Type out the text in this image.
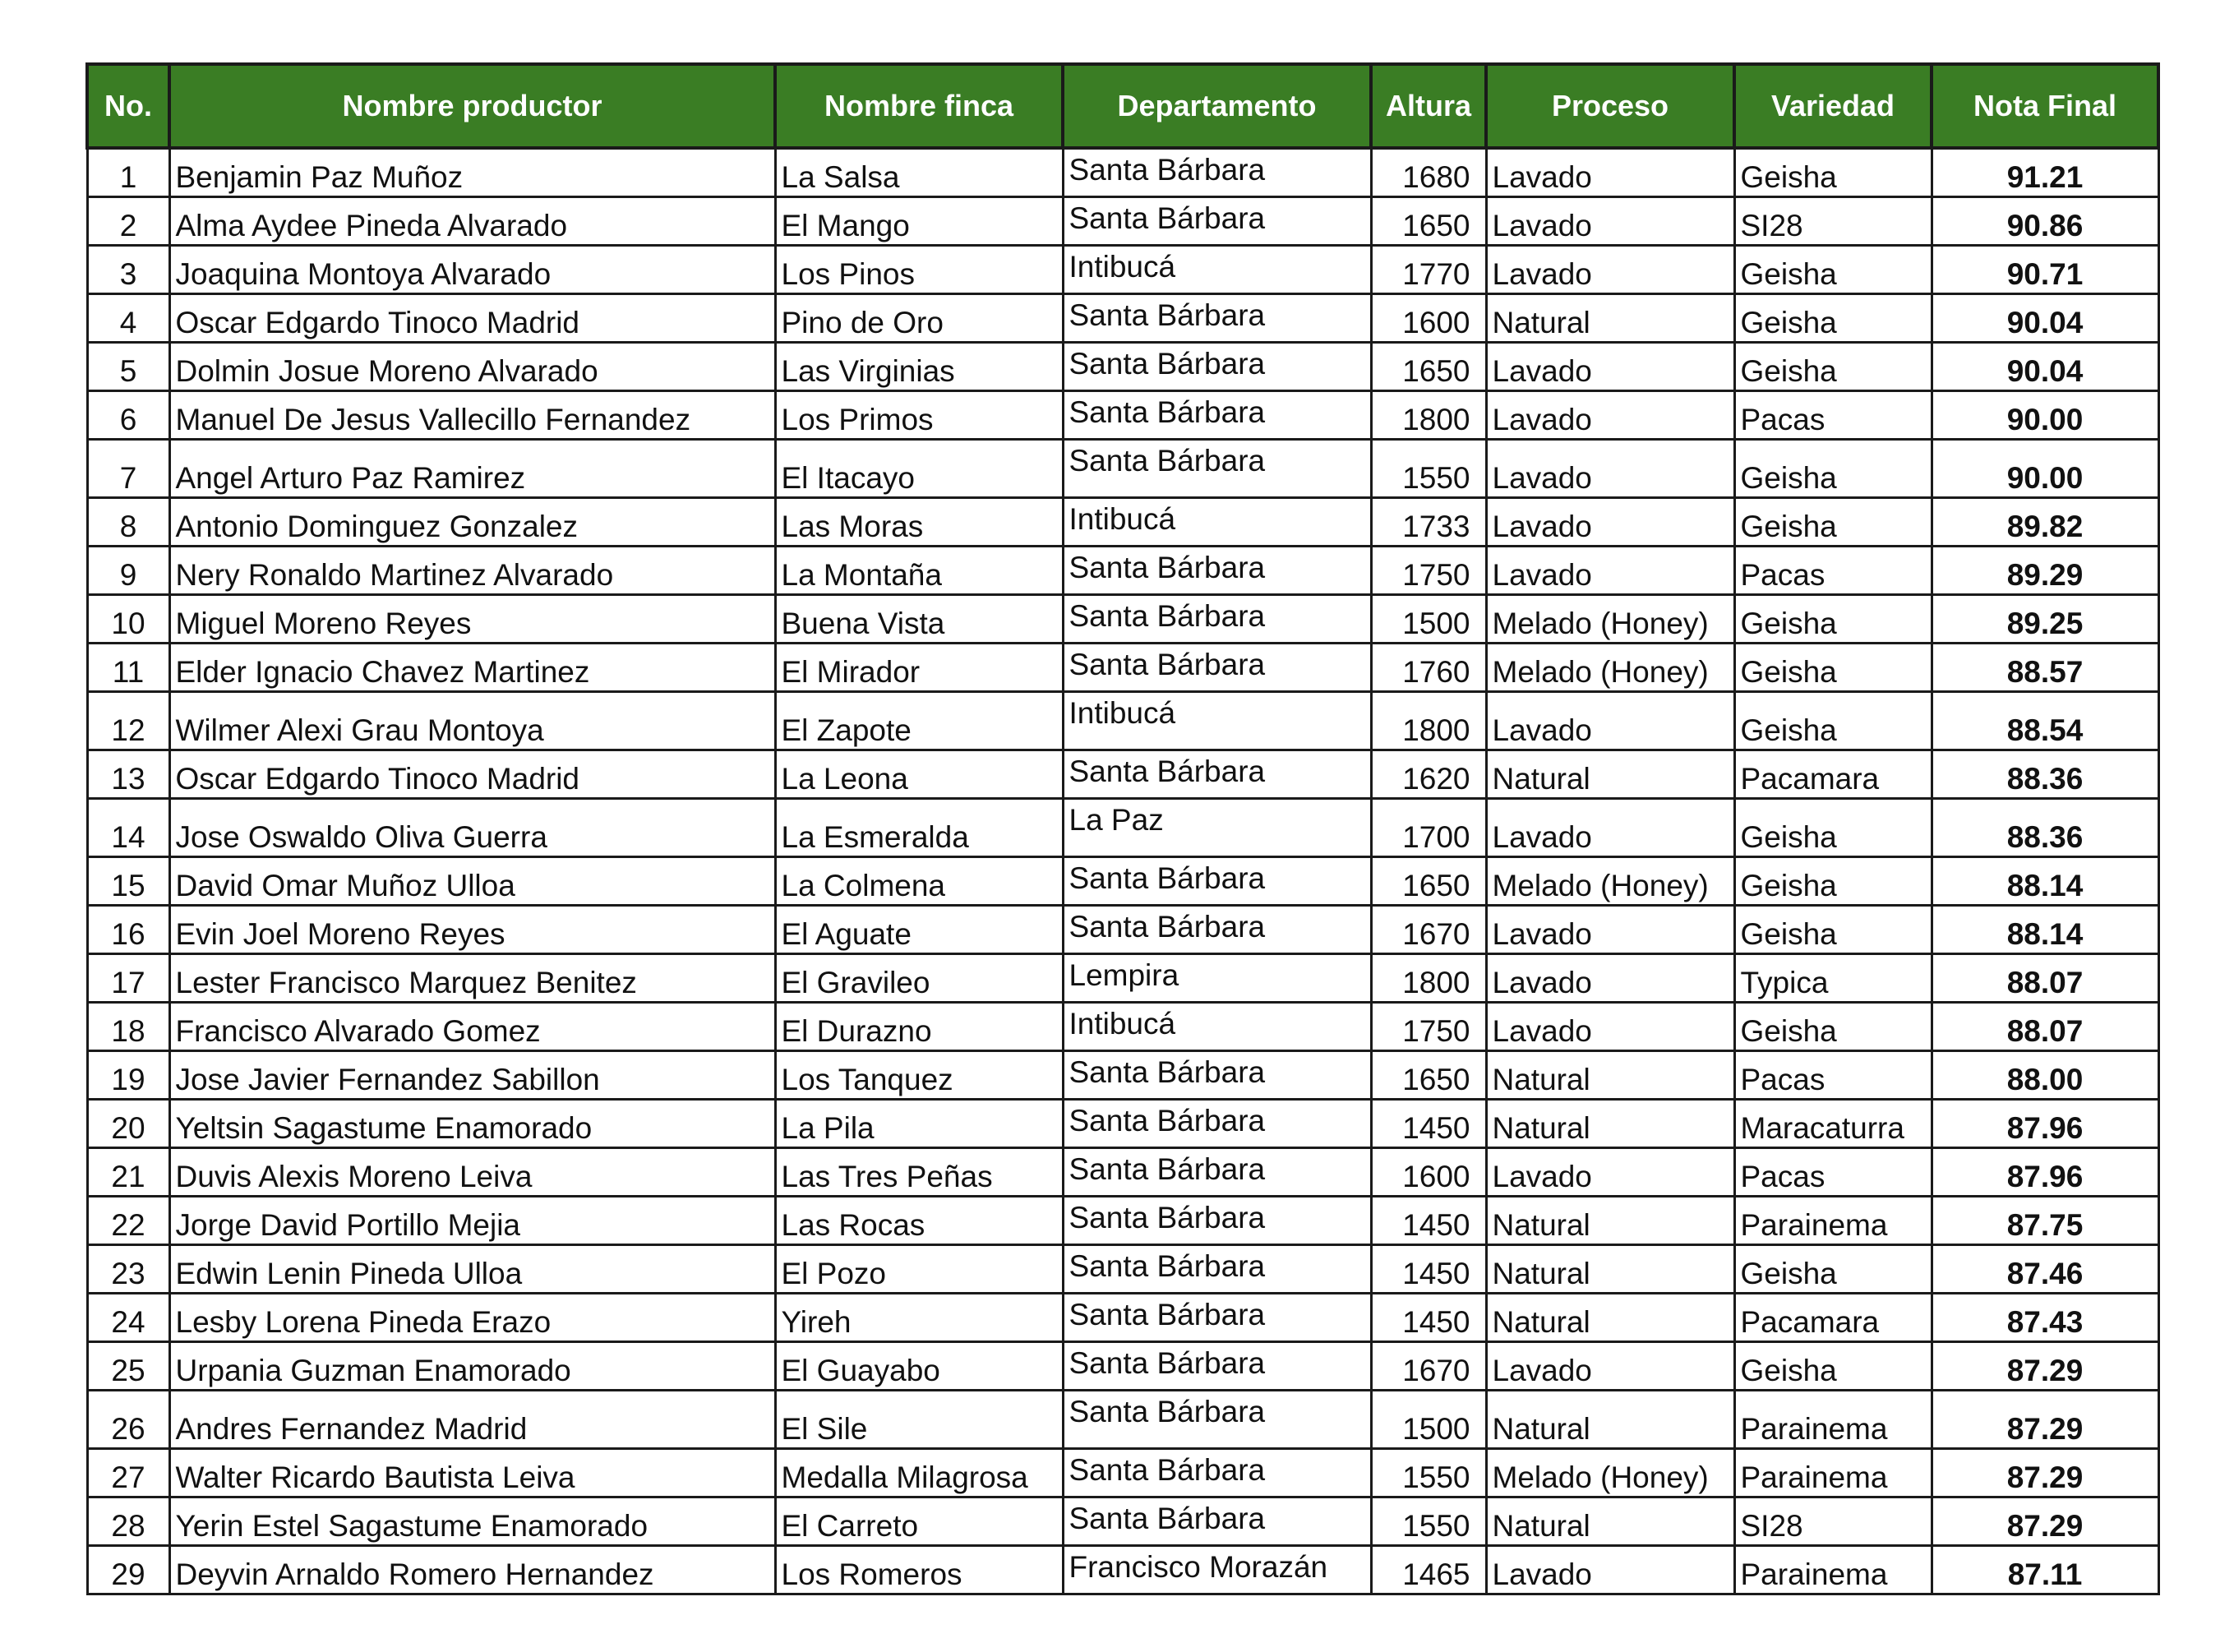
No.	Nombre productor	Nombre finca	Departamento	Altura	Proceso	Variedad	Nota Final
1	Benjamin Paz Muñoz	La Salsa	Santa Bárbara	1680	Lavado	Geisha	91.21
2	Alma Aydee Pineda Alvarado	El Mango	Santa Bárbara	1650	Lavado	SI28	90.86
3	Joaquina Montoya Alvarado	Los Pinos	Intibucá	1770	Lavado	Geisha	90.71
4	Oscar Edgardo Tinoco Madrid	Pino de Oro	Santa Bárbara	1600	Natural	Geisha	90.04
5	Dolmin Josue Moreno Alvarado	Las Virginias	Santa Bárbara	1650	Lavado	Geisha	90.04
6	Manuel De Jesus Vallecillo Fernandez	Los Primos	Santa Bárbara	1800	Lavado	Pacas	90.00
7	Angel Arturo Paz Ramirez	El Itacayo	Santa Bárbara	1550	Lavado	Geisha	90.00
8	Antonio Dominguez Gonzalez	Las Moras	Intibucá	1733	Lavado	Geisha	89.82
9	Nery Ronaldo Martinez Alvarado	La Montaña	Santa Bárbara	1750	Lavado	Pacas	89.29
10	Miguel Moreno Reyes	Buena Vista	Santa Bárbara	1500	Melado (Honey)	Geisha	89.25
11	Elder Ignacio Chavez Martinez	El Mirador	Santa Bárbara	1760	Melado (Honey)	Geisha	88.57
12	Wilmer Alexi Grau Montoya	El Zapote	Intibucá	1800	Lavado	Geisha	88.54
13	Oscar Edgardo Tinoco Madrid	La Leona	Santa Bárbara	1620	Natural	Pacamara	88.36
14	Jose Oswaldo Oliva Guerra	La Esmeralda	La Paz	1700	Lavado	Geisha	88.36
15	David Omar Muñoz Ulloa	La Colmena	Santa Bárbara	1650	Melado (Honey)	Geisha	88.14
16	Evin Joel Moreno Reyes	El Aguate	Santa Bárbara	1670	Lavado	Geisha	88.14
17	Lester Francisco Marquez Benitez	El Gravileo	Lempira	1800	Lavado	Typica	88.07
18	Francisco Alvarado Gomez	El Durazno	Intibucá	1750	Lavado	Geisha	88.07
19	Jose Javier Fernandez Sabillon	Los Tanquez	Santa Bárbara	1650	Natural	Pacas	88.00
20	Yeltsin Sagastume Enamorado	La Pila	Santa Bárbara	1450	Natural	Maracaturra	87.96
21	Duvis Alexis Moreno Leiva	Las Tres Peñas	Santa Bárbara	1600	Lavado	Pacas	87.96
22	Jorge David Portillo Mejia	Las Rocas	Santa Bárbara	1450	Natural	Parainema	87.75
23	Edwin Lenin Pineda Ulloa	El Pozo	Santa Bárbara	1450	Natural	Geisha	87.46
24	Lesby Lorena Pineda Erazo	Yireh	Santa Bárbara	1450	Natural	Pacamara	87.43
25	Urpania Guzman Enamorado	El Guayabo	Santa Bárbara	1670	Lavado	Geisha	87.29
26	Andres Fernandez Madrid	El Sile	Santa Bárbara	1500	Natural	Parainema	87.29
27	Walter Ricardo Bautista Leiva	Medalla Milagrosa	Santa Bárbara	1550	Melado (Honey)	Parainema	87.29
28	Yerin Estel Sagastume Enamorado	El Carreto	Santa Bárbara	1550	Natural	SI28	87.29
29	Deyvin Arnaldo Romero Hernandez	Los Romeros	Francisco Morazán	1465	Lavado	Parainema	87.11
